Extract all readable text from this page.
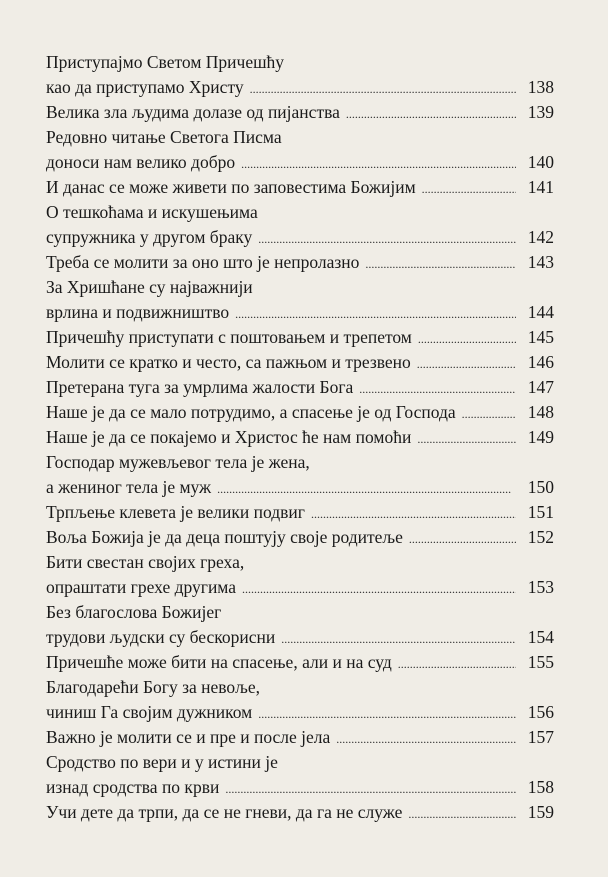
Приступајмо Светом Причешћу
као да приступамо Христу . . .	138
Велика зла људима долазе од пијанства . . .	139
Редовно читање Светога Писма
доноси нам велико добро . . .	140
И данас се може живети по заповестима Божијим . . .	141
О тешкоћама и искушењима
супружника у другом браку . . .	142
Треба се молити за оно што је непролазно . . .	143
За Хришћане су најважнији
врлина и подвижништво . . .	144
Причешћу приступати с поштовањем и трепетом . . .	145
Молити се кратко и често, са пажњом и трезвено . . .	146
Претерана туга за умрлима жалости Бога . . .	147
Наше је да се мало потрудимо, а спасење је од Господа . . .	148
Наше је да се покајемо и Христос ће нам помоћи . . .	149
Господар мужевљевог тела је жена,
а жениног тела је муж . . .	150
Трпљење клевета је велики подвиг . . .	151
Воља Божија је да деца поштују своје родитеље . . .	152
Бити свестан својих греха,
опраштати грехе другима . . .	153
Без благослова Божијег
трудови људски су бескорисни . . .	154
Причешће може бити на спасење, али и на суд . . .	155
Благодарећи Богу за невоље,
чиниш Га својим дужником . . .	156
Важно је молити се и пре и после јела . . .	157
Сродство по вери и у истини је
изнад сродства по крви . . .	158
Учи дете да трпи, да се не гневи, да га не служе . . .	159
